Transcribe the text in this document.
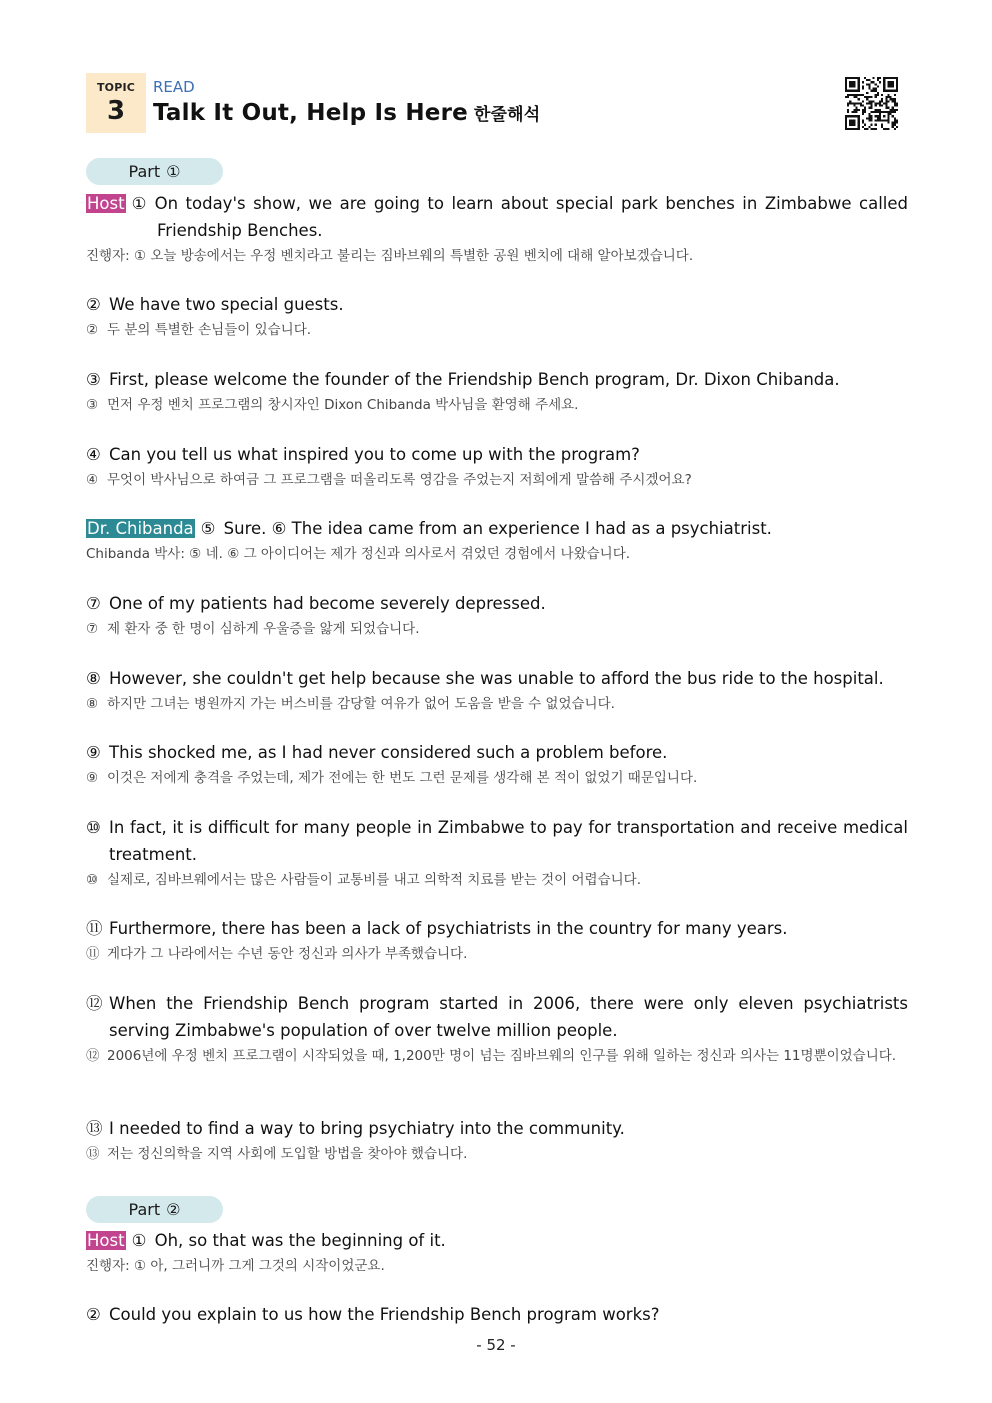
TOPIC
3
READ
Talk It Out, Help Is Here 한줄해석
Part ①
Host ① On today's show, we are going to learn about special park benches in Zimbabwe called Friendship Benches.
진행자: ① 오늘 방송에서는 우정 벤치라고 불리는 짐바브웨의 특별한 공원 벤치에 대해 알아보겠습니다.
② We have two special guests.
② 두 분의 특별한 손님들이 있습니다.
③ First, please welcome the founder of the Friendship Bench program, Dr. Dixon Chibanda.
③ 먼저 우정 벤치 프로그램의 창시자인 Dixon Chibanda 박사님을 환영해 주세요.
④ Can you tell us what inspired you to come up with the program?
④ 무엇이 박사님으로 하여금 그 프로그램을 떠올리도록 영감을 주었는지 저희에게 말씀해 주시겠어요?
Dr. Chibanda ⑤ Sure. ⑥ The idea came from an experience I had as a psychiatrist.
Chibanda 박사: ⑤ 네. ⑥ 그 아이디어는 제가 정신과 의사로서 겪었던 경험에서 나왔습니다.
⑦ One of my patients had become severely depressed.
⑦ 제 환자 중 한 명이 심하게 우울증을 앓게 되었습니다.
⑧ However, she couldn't get help because she was unable to afford the bus ride to the hospital.
⑧ 하지만 그녀는 병원까지 가는 버스비를 감당할 여유가 없어 도움을 받을 수 없었습니다.
⑨ This shocked me, as I had never considered such a problem before.
⑨ 이것은 저에게 충격을 주었는데, 제가 전에는 한 번도 그런 문제를 생각해 본 적이 없었기 때문입니다.
⑩ In fact, it is difficult for many people in Zimbabwe to pay for transportation and receive medical treatment.
⑩ 실제로, 짐바브웨에서는 많은 사람들이 교통비를 내고 의학적 치료를 받는 것이 어렵습니다.
⑪ Furthermore, there has been a lack of psychiatrists in the country for many years.
⑪ 게다가 그 나라에서는 수년 동안 정신과 의사가 부족했습니다.
⑫ When the Friendship Bench program started in 2006, there were only eleven psychiatrists serving Zimbabwe's population of over twelve million people.
⑫ 2006년에 우정 벤치 프로그램이 시작되었을 때, 1,200만 명이 넘는 짐바브웨의 인구를 위해 일하는 정신과 의사는 11명뿐이었습니다.
⑬ I needed to find a way to bring psychiatry into the community.
⑬ 저는 정신의학을 지역 사회에 도입할 방법을 찾아야 했습니다.
Part ②
Host ① Oh, so that was the beginning of it.
진행자: ① 아, 그러니까 그게 그것의 시작이었군요.
② Could you explain to us how the Friendship Bench program works?
- 52 -
